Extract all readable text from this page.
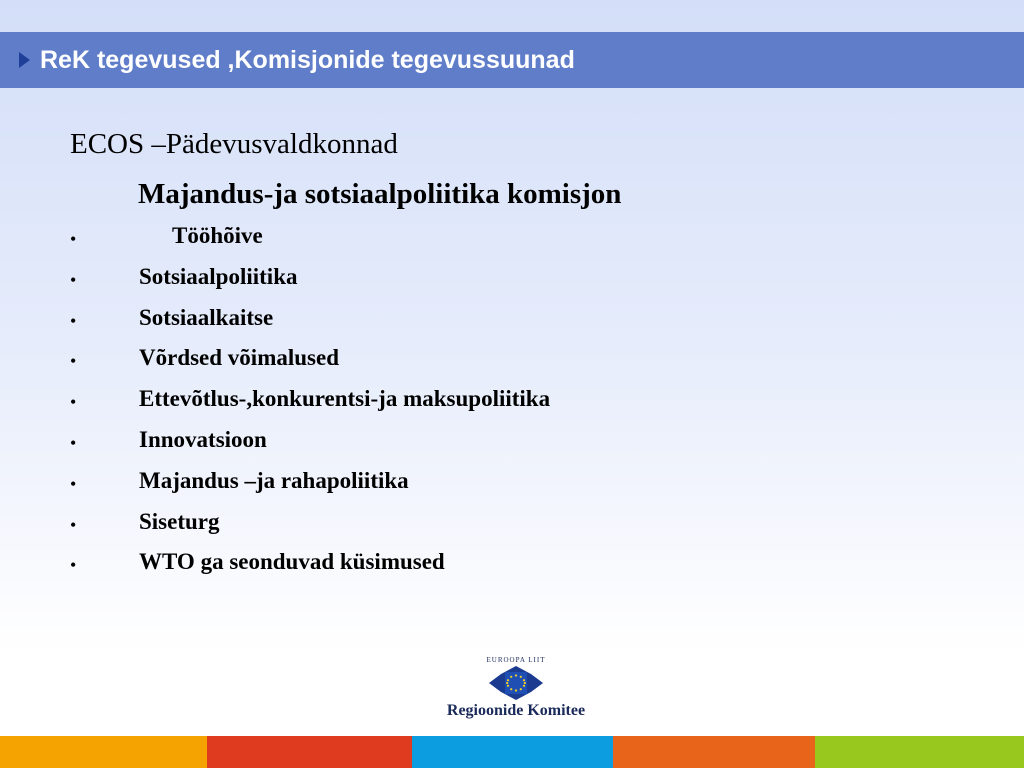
ReK tegevused ,Komisjonide tegevussuunad
ECOS –Pädevusvaldkonnad
Majandus-ja sotsiaalpoliitika komisjon
•	Tööhõive
•	Sotsiaalpoliitika
•	Sotsiaalkaitse
•	Võrdsed võimalused
•	Ettevõtlus-,konkurentsi-ja maksupoliitika
•	Innovatsioon
•	Majandus –ja rahapoliitika
•	Siseturg
•	WTO ga seonduvad küsimused
EUROOPA LIIT
Regioonide Komitee
